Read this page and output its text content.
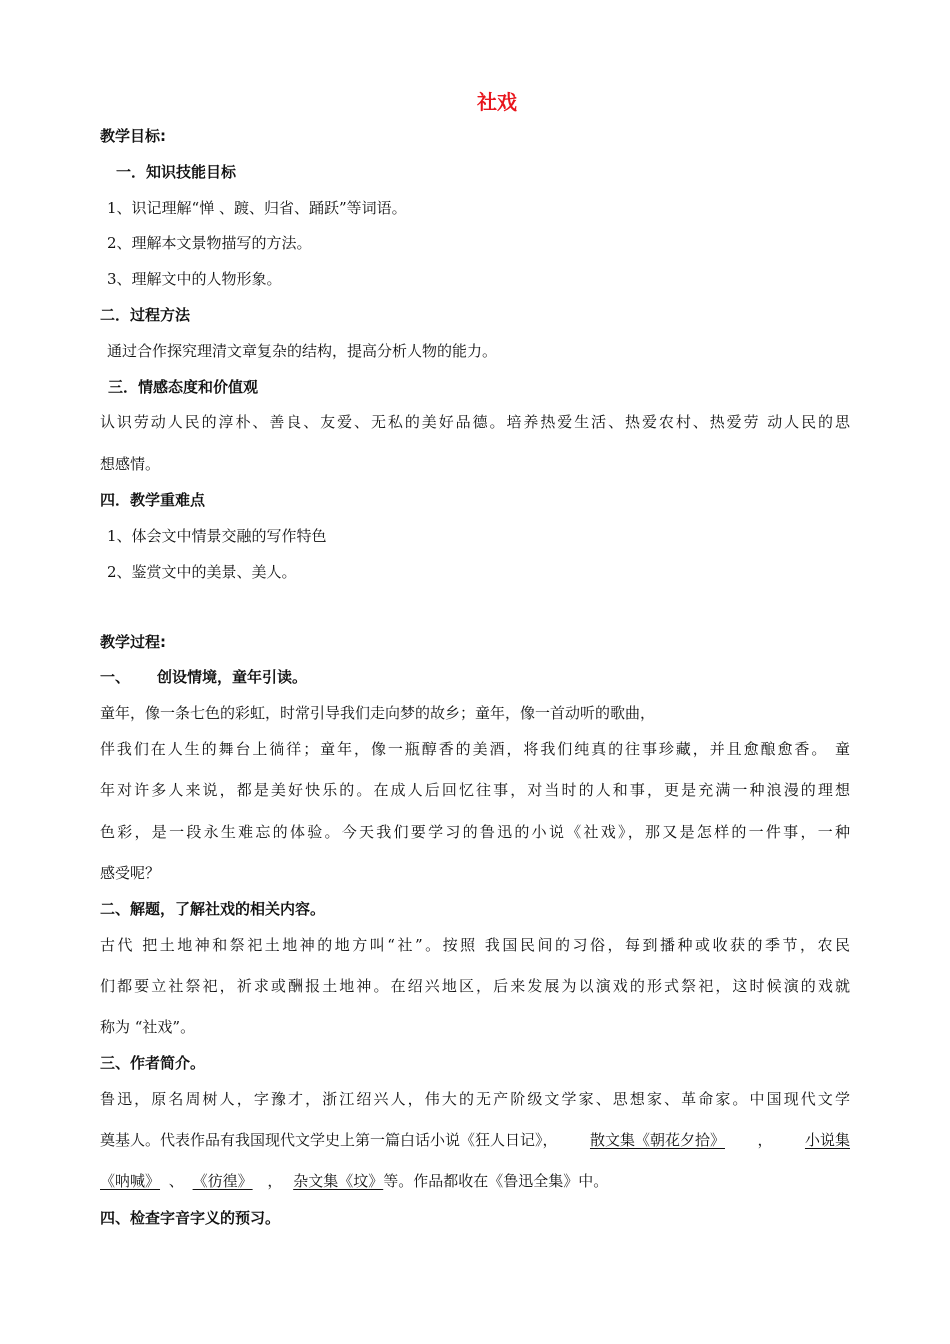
社戏
教学目标:
一．知识技能目标
1、识记理解“惮 、踱、归省、踊跃”等词语。
2、理解本文景物描写的方法。
3、理解文中的人物形象。
二．过程方法
通过合作探究理清文章复杂的结构，提高分析人物的能力。
三．情感态度和价值观
认识劳动人民的淳朴、善良、友爱、无私的美好品德。培养热爱生活、热爱农村、热爱劳 动人民的思
想感情。
四．教学重难点
1、体会文中情景交融的写作特色
2、鉴赏文中的美景、美人。
教学过程:
一、 创设情境，童年引读。
童年，像一条七色的彩虹，时常引导我们走向梦的故乡；童年，像一首动听的歌曲，
伴我们在人生的舞台上徜徉；童年，像一瓶醇香的美酒，将我们纯真的往事珍藏，并且愈酿愈香。 童
年对许多人来说，都是美好快乐的。在成人后回忆往事，对当时的人和事，更是充满一种浪漫的理想
色彩，是一段永生难忘的体验。今天我们要学习的鲁迅的小说《社戏》，那又是怎样的一件事，一种
感受呢？
二、解题，了解社戏的相关内容。
古代 把土地神和祭祀土地神的地方叫“社”。按照 我国民间的习俗，每到播种或收获的季节，农民
们都要立社祭祀，祈求或酬报土地神。在绍兴地区，后来发展为以演戏的形式祭祀，这时候演的戏就
称为 “社戏”。
三、作者简介。
鲁迅，原名周树人，字豫才，浙江绍兴人，伟大的无产阶级文学家、思想家、革命家。中国现代文学
奠基人。代表作品有我国现代文学史上第一篇白话小说《狂人日记》， 散文集《朝花夕拾》 ， 小说集
《呐喊》 、 《彷徨》 ， 杂文集《坟》等。作品都收在《鲁迅全集》中。
四、检查字音字义的预习。
